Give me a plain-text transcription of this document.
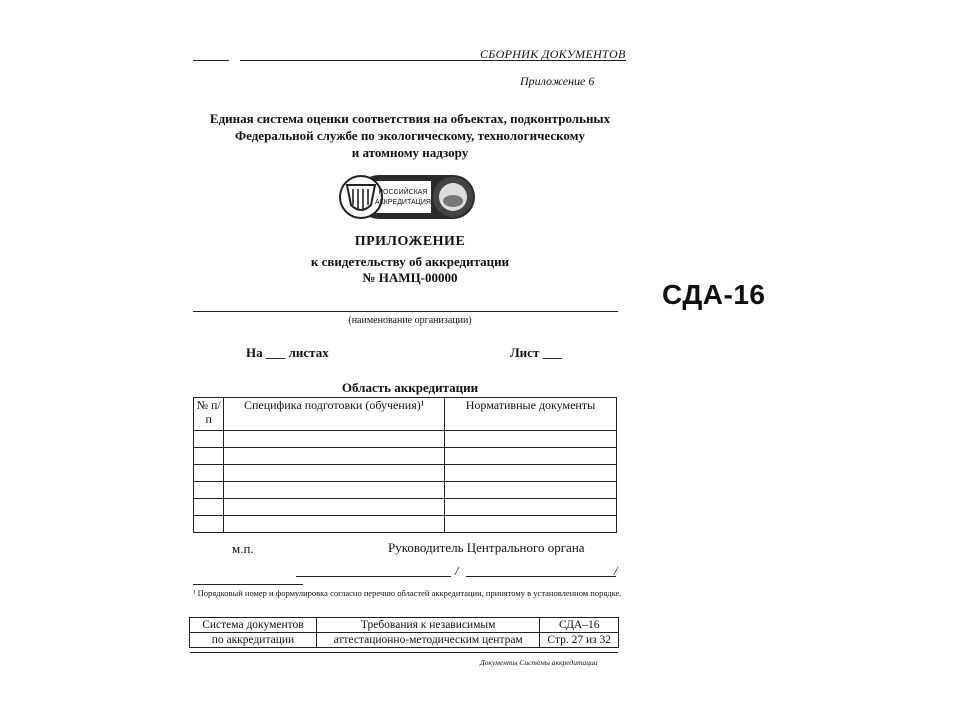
СБОРНИК ДОКУМЕНТОВ
Приложение 6
Единая система оценки соответствия на объектах, подконтрольных
Федеральной службе по экологическому, технологическому
и атомному надзору
РОССИЙСКАЯ
АККРЕДИТАЦИЯ
ПРИЛОЖЕНИЕ
к свидетельству об аккредитации
№ НАМЦ-00000
(наименование организации)
На ___ листах	Лист ___
Область аккредитации
№ п/п	Специфика подготовки (обучения)¹	Нормативные документы

м.п.	Руководитель Центрального органа
/	/
¹ Порядковый номер и формулировка согласно перечню областей аккредитации, принятому в установленном порядке.
Система документов	Требования к независимым	СДА–16
по аккредитации	аттестационно-методическим центрам	Стр. 27 из 32
Документы Системы аккредитации
СДА-16
